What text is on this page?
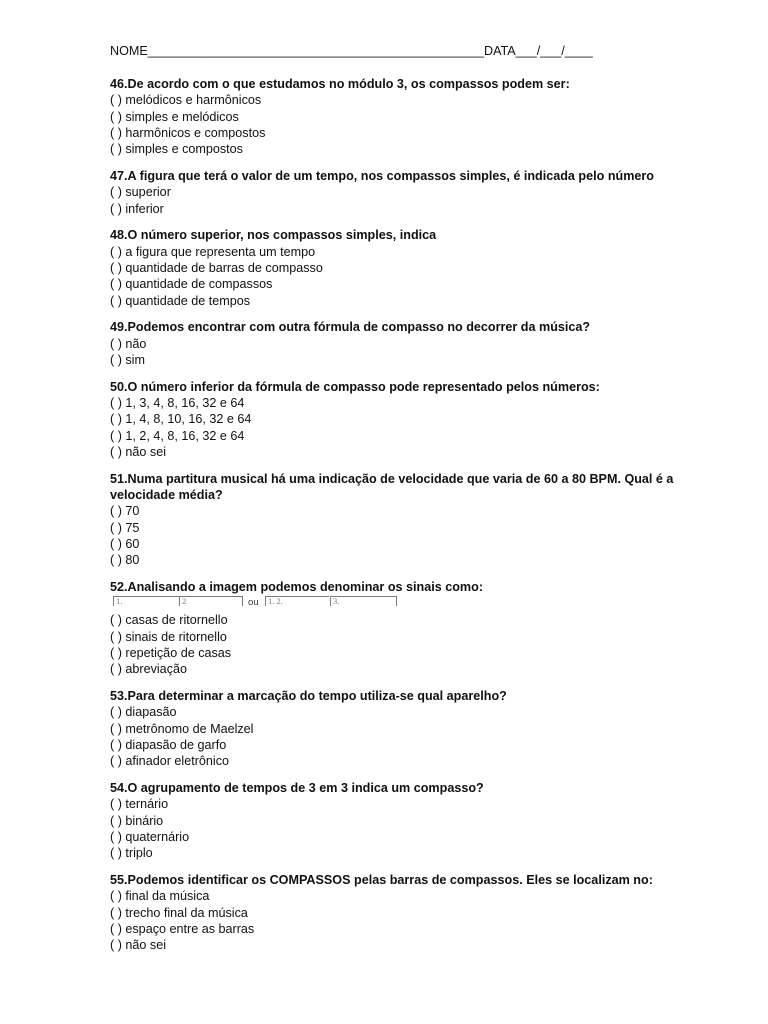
NOME________________________________________________DATA___/___/____
46.De acordo com o que estudamos no módulo 3, os compassos podem ser:
( ) melódicos e harmônicos
( ) simples e melódicos
( ) harmônicos e compostos
( ) simples e compostos
47.A figura que terá o valor de um tempo, nos compassos simples, é indicada pelo número
( ) superior
( ) inferior
48.O número superior, nos compassos simples, indica
( ) a figura que representa um tempo
( ) quantidade de barras de compasso
( ) quantidade de compassos
( ) quantidade de tempos
49.Podemos encontrar com outra fórmula de compasso no decorrer da música?
( ) não
( ) sim
50.O número inferior da fórmula de compasso pode representado pelos números:
( ) 1, 3, 4, 8, 16, 32 e 64
( ) 1, 4, 8, 10, 16, 32 e 64
( ) 1, 2, 4, 8, 16, 32 e 64
( ) não sei
51.Numa partitura musical há uma indicação de velocidade que varia de 60 a 80 BPM. Qual é a velocidade média?
( ) 70
( ) 75
( ) 60
( ) 80
52.Analisando a imagem podemos denominar os sinais como:
1.	2	ou	1. 2.	3.
( ) casas de ritornello
( ) sinais de ritornello
( ) repetição de casas
( ) abreviação
53.Para determinar a marcação do tempo utiliza-se qual aparelho?
( ) diapasão
( ) metrônomo de Maelzel
( ) diapasão de garfo
( ) afinador eletrônico
54.O agrupamento de tempos de 3 em 3 indica um compasso?
( ) ternário
( ) binário
( ) quaternário
( ) triplo
55.Podemos identificar os COMPASSOS pelas barras de compassos. Eles se localizam no:
( ) final da música
( ) trecho final da música
( ) espaço entre as barras
( ) não sei
